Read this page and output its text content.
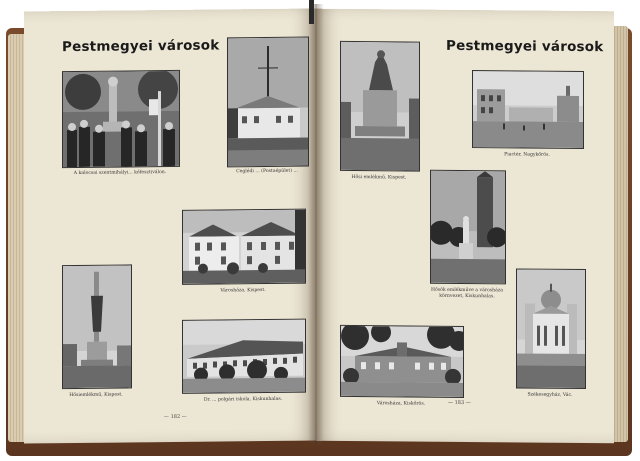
Pestmegyei városok
A kalocsai szentmihályi... kőfesztiválon.	Ceglédi ... (Postaépület) ...
Városháza, Kispest.
Hősiemlékmű, Kispest.
Dr. ... polgári iskola, Kiskunhalas.
— 182 —
Pestmegyei városok
Hősi emlékmű, Kispest.
Piactér, Nagykőrös.
Hősök emlékműve a városháza körnvezet, Kiskunhalas.
Városháza, Kiskőrös.
Székesegyház, Vác.
— 183 —
